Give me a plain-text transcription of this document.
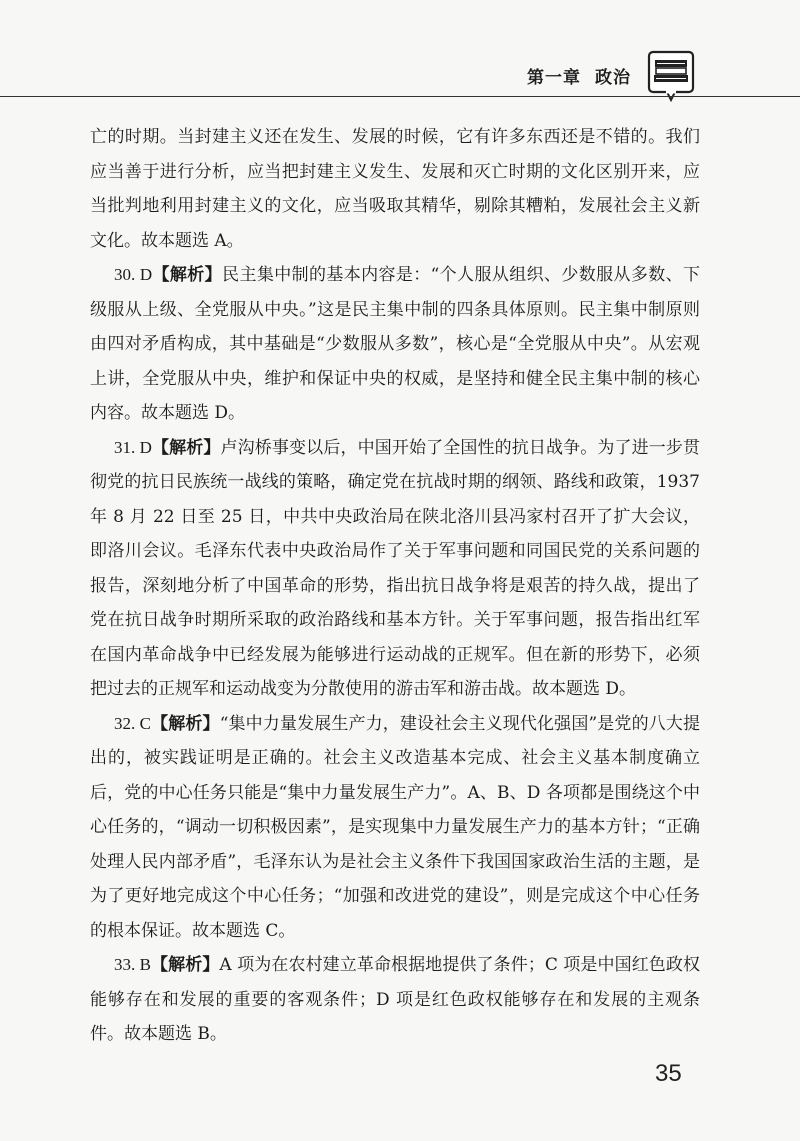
第一章 政治

亡的时期。当封建主义还在发生、发展的时候，它有许多东西还是不错的。我们应当善于进行分析，应当把封建主义发生、发展和灭亡时期的文化区别开来，应当批判地利用封建主义的文化，应当吸取其精华，剔除其糟粕，发展社会主义新文化。故本题选 A。

30. D【解析】民主集中制的基本内容是：“个人服从组织、少数服从多数、下级服从上级、全党服从中央。”这是民主集中制的四条具体原则。民主集中制原则由四对矛盾构成，其中基础是“少数服从多数”，核心是“全党服从中央”。从宏观上讲，全党服从中央，维护和保证中央的权威，是坚持和健全民主集中制的核心内容。故本题选 D。

31. D【解析】卢沟桥事变以后，中国开始了全国性的抗日战争。为了进一步贯彻党的抗日民族统一战线的策略，确定党在抗战时期的纲领、路线和政策，1937 年 8 月 22 日至 25 日，中共中央政治局在陕北洛川县冯家村召开了扩大会议，即洛川会议。毛泽东代表中央政治局作了关于军事问题和同国民党的关系问题的报告，深刻地分析了中国革命的形势，指出抗日战争将是艰苦的持久战，提出了党在抗日战争时期所采取的政治路线和基本方针。关于军事问题，报告指出红军在国内革命战争中已经发展为能够进行运动战的正规军。但在新的形势下，必须把过去的正规军和运动战变为分散使用的游击军和游击战。故本题选 D。

32. C【解析】“集中力量发展生产力，建设社会主义现代化强国”是党的八大提出的，被实践证明是正确的。社会主义改造基本完成、社会主义基本制度确立后，党的中心任务只能是“集中力量发展生产力”。A、B、D 各项都是围绕这个中心任务的，“调动一切积极因素”，是实现集中力量发展生产力的基本方针；“正确处理人民内部矛盾”，毛泽东认为是社会主义条件下我国国家政治生活的主题，是为了更好地完成这个中心任务；“加强和改进党的建设”，则是完成这个中心任务的根本保证。故本题选 C。

33. B【解析】A 项为在农村建立革命根据地提供了条件；C 项是中国红色政权能够存在和发展的重要的客观条件；D 项是红色政权能够存在和发展的主观条件。故本题选 B。

35
